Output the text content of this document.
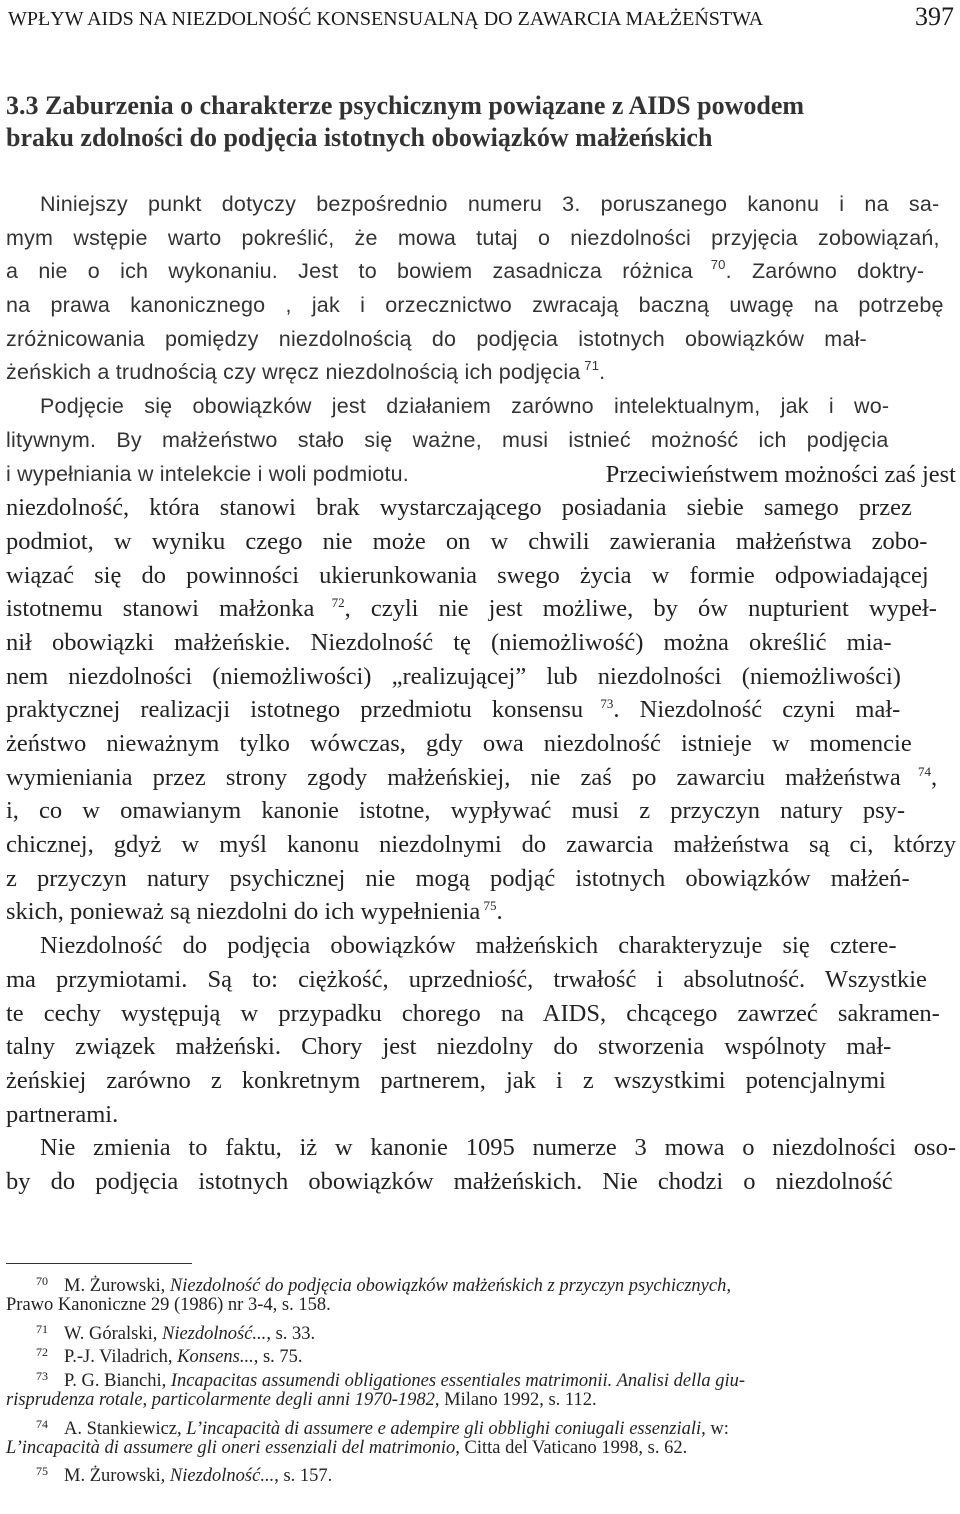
WPŁYW AIDS NA NIEZDOLNOŚĆ KONSENSUALNĄ DO ZAWARCIA MAŁŻEŃSTWA	397
3.3 Zaburzenia o charakterze psychicznym powiązane z AIDS powodem
braku zdolności do podjęcia istotnych obowiązków małżeńskich
Niniejszy punkt dotyczy bezpośrednio numeru 3. poruszanego kanonu i na sa-
mym wstępie warto pokreślić, że mowa tutaj o niezdolności przyjęcia zobowiązań,
a nie o ich wykonaniu. Jest to bowiem zasadnicza różnica $^{70}$. Zarówno doktry-
na prawa kanonicznego , jak i orzecznictwo zwracają baczną uwagę na potrzebę
zróżnicowania pomiędzy niezdolnością do podjęcia istotnych obowiązków mał-
żeńskich a trudnością czy wręcz niezdolnością ich podjęcia $^{71}$.
Podjęcie się obowiązków jest działaniem zarówno intelektualnym, jak i wo-
litywnym. By małżeństwo stało się ważne, musi istnieć możność ich podjęcia
i wypełniania w intelekcie i woli podmiotu.	Przeciwieństwem możności zaś jest
niezdolność, która stanowi brak wystarczającego posiadania siebie samego przez
podmiot, w wyniku czego nie może on w chwili zawierania małżeństwa zobo-
wiązać się do powinności ukierunkowania swego życia w formie odpowiadającej
istotnemu stanowi małżonka $^{72}$, czyli nie jest możliwe, by ów nupturient wypeł-
nił obowiązki małżeńskie. Niezdolność tę (niemożliwość) można określić mia-
nem niezdolności (niemożliwości) „realizującej” lub niezdolności (niemożliwości)
praktycznej realizacji istotnego przedmiotu konsensu $^{73}$. Niezdolność czyni mał-
żeństwo nieważnym tylko wówczas, gdy owa niezdolność istnieje w momencie
wymieniania przez strony zgody małżeńskiej, nie zaś po zawarciu małżeństwa $^{74}$,
i, co w omawianym kanonie istotne, wypływać musi z przyczyn natury psy-
chicznej, gdyż w myśl kanonu niezdolnymi do zawarcia małżeństwa są ci, którzy
z przyczyn natury psychicznej nie mogą podjąć istotnych obowiązków małżeń-
skich, ponieważ są niezdolni do ich wypełnienia $^{75}$.
Niezdolność do podjęcia obowiązków małżeńskich charakteryzuje się cztere-
ma przymiotami. Są to: ciężkość, uprzedniość, trwałość i absolutność. Wszystkie
te cechy występują w przypadku chorego na AIDS, chcącego zawrzeć sakramen-
talny związek małżeński. Chory jest niezdolny do stworzenia wspólnoty mał-
żeńskiej zarówno z konkretnym partnerem, jak i z wszystkimi potencjalnymi
partnerami.
Nie zmienia to faktu, iż w kanonie 1095 numerze 3 mowa o niezdolności oso-
by do podjęcia istotnych obowiązków małżeńskich. Nie chodzi o niezdolność
70 M. Żurowski, Niezdolność do podjęcia obowiązków małżeńskich z przyczyn psychicznych,
Prawo Kanoniczne 29 (1986) nr 3-4, s. 158.
71 W. Góralski, Niezdolność..., s. 33.
72 P.-J. Viladrich, Konsens..., s. 75.
73 P. G. Bianchi, Incapacitas assumendi obligationes essentiales matrimonii. Analisi della giu-
risprudenza rotale, particolarmente degli anni 1970-1982, Milano 1992, s. 112.
74 A. Stankiewicz, L’incapacità di assumere e adempire gli obblighi coniugali essenziali, w:
L’incapacità di assumere gli oneri essenziali del matrimonio, Citta del Vaticano 1998, s. 62.
75 M. Żurowski, Niezdolność..., s. 157.
